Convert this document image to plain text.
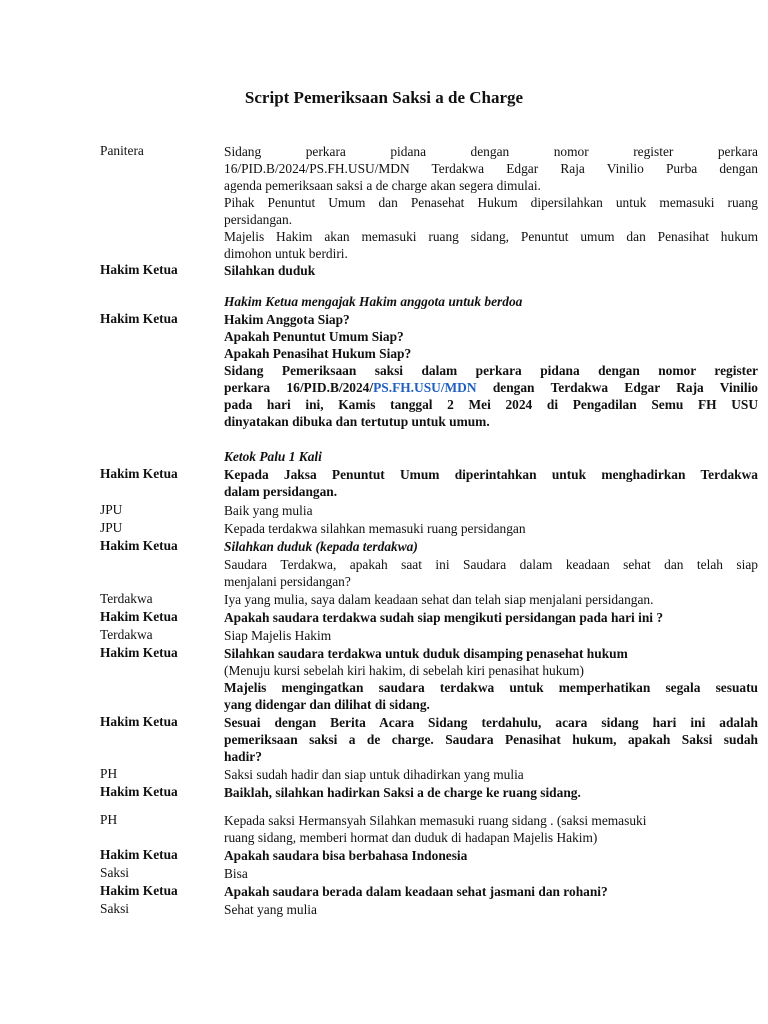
Script Pemeriksaan Saksi a de Charge
Panitera	Sidang perkara pidana dengan nomor register perkara
16/PID.B/2024/PS.FH.USU/MDN Terdakwa Edgar Raja Vinilio Purba dengan
agenda pemeriksaan saksi a de charge akan segera dimulai.
Pihak Penuntut Umum dan Penasehat Hukum dipersilahkan untuk memasuki ruang
persidangan.
Majelis Hakim akan memasuki ruang sidang, Penuntut umum dan Penasihat hukum
dimohon untuk berdiri.
Hakim Ketua	Silahkan duduk
Hakim Ketua mengajak Hakim anggota untuk berdoa
Hakim Ketua	Hakim Anggota Siap?
Apakah Penuntut Umum Siap?
Apakah Penasihat Hukum Siap?
Sidang Pemeriksaan saksi dalam perkara pidana dengan nomor register
perkara 16/PID.B/2024/PS.FH.USU/MDN dengan Terdakwa Edgar Raja Vinilio
pada hari ini, Kamis tanggal 2 Mei 2024 di Pengadilan Semu FH USU
dinyatakan dibuka dan tertutup untuk umum.
Ketok Palu 1 Kali
Hakim Ketua	Kepada Jaksa Penuntut Umum diperintahkan untuk menghadirkan Terdakwa
dalam persidangan.
JPU	Baik yang mulia
JPU	Kepada terdakwa silahkan memasuki ruang persidangan
Hakim Ketua	Silahkan duduk (kepada terdakwa)
Saudara Terdakwa, apakah saat ini Saudara dalam keadaan sehat dan telah siap
menjalani persidangan?
Terdakwa	Iya yang mulia, saya dalam keadaan sehat dan telah siap menjalani persidangan.
Hakim Ketua	Apakah saudara terdakwa sudah siap mengikuti persidangan pada hari ini ?
Terdakwa	Siap Majelis Hakim
Hakim Ketua	Silahkan saudara terdakwa untuk duduk disamping penasehat hukum
(Menuju kursi sebelah kiri hakim, di sebelah kiri penasihat hukum)
Majelis mengingatkan saudara terdakwa untuk memperhatikan segala sesuatu
yang didengar dan dilihat di sidang.
Hakim Ketua	Sesuai dengan Berita Acara Sidang terdahulu, acara sidang hari ini adalah
pemeriksaan saksi a de charge. Saudara Penasihat hukum, apakah Saksi sudah
hadir?
PH	Saksi sudah hadir dan siap untuk dihadirkan yang mulia
Hakim Ketua	Baiklah, silahkan hadirkan Saksi a de charge ke ruang sidang.
PH	Kepada saksi Hermansyah Silahkan memasuki ruang sidang . (saksi memasuki
ruang sidang, memberi hormat dan duduk di hadapan Majelis Hakim)
Hakim Ketua	Apakah saudara bisa berbahasa Indonesia
Saksi	Bisa
Hakim Ketua	Apakah saudara berada dalam keadaan sehat jasmani dan rohani?
Saksi	Sehat yang mulia
